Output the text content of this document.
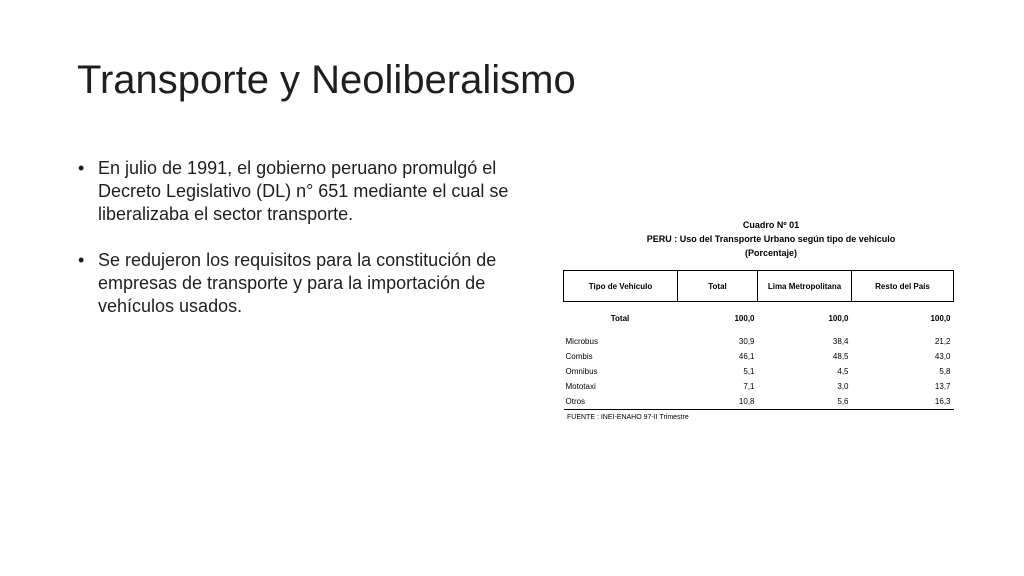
Transporte y Neoliberalismo
• En julio de 1991, el gobierno peruano promulgó el Decreto Legislativo (DL) n° 651 mediante el cual se liberalizaba el sector transporte.
• Se redujeron los requisitos para la constitución de empresas de transporte y para la importación de vehículos usados.
Cuadro Nº 01
PERU : Uso del Transporte Urbano según tipo de vehículo
(Porcentaje)
Tipo de Vehículo	Total	Lima Metropolitana	Resto del País
Total	100,0	100,0	100,0
Microbus	30,9	38,4	21,2
Combis	46,1	48,5	43,0
Omnibus	5,1	4,5	5,8
Mototaxi	7,1	3,0	13,7
Otros	10,8	5,6	16,3
FUENTE : INEI-ENAHO 97-II Trimestre
